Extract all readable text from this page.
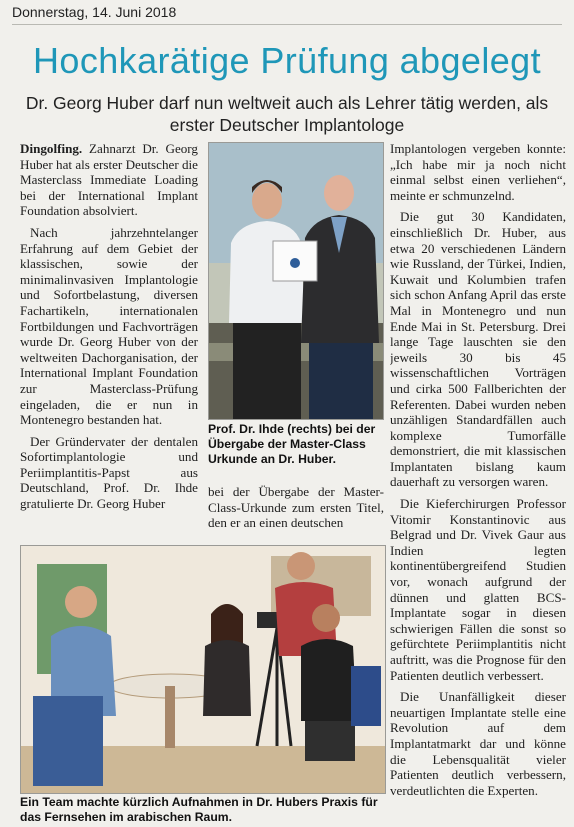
Donnerstag, 14. Juni 2018
Hochkarätige Prüfung abgelegt
Dr. Georg Huber darf nun weltweit auch als Lehrer tätig werden, als erster Deutscher Implantologe

Dingolfing. Zahnarzt Dr. Georg Huber hat als erster Deutscher die Masterclass Immediate Loading bei der International Implant Foundation absolviert.

Nach jahrzehntelanger Erfahrung auf dem Gebiet der klassischen, sowie der minimalinvasiven Implantologie und Sofortbelastung, diversen Fachartikeln, internationalen Fortbildungen und Fachvorträgen wurde Dr. Georg Huber von der weltweiten Dachorganisation, der International Implant Foundation zur Masterclass-Prüfung eingeladen, die er nun in Montenegro bestanden hat.

Der Gründervater der dentalen Sofortimplantologie und Periimplantitis-Papst aus Deutschland, Prof. Dr. Ihde gratulierte Dr. Georg Huber

Prof. Dr. Ihde (rechts) bei der Übergabe der Master-Class Urkunde an Dr. Huber.

bei der Übergabe der Master-Class-Urkunde zum ersten Titel, den er an einen deutschen

Implantologen vergeben konnte: „Ich habe mir ja noch nicht einmal selbst einen verliehen“, meinte er schmunzelnd.

Die gut 30 Kandidaten, einschließlich Dr. Huber, aus etwa 20 verschiedenen Ländern wie Russland, der Türkei, Indien, Kuwait und Kolumbien trafen sich schon Anfang April das erste Mal in Montenegro und nun Ende Mai in St. Petersburg. Drei lange Tage lauschten sie den jeweils 30 bis 45 wissenschaftlichen Vorträgen und cirka 500 Fallberichten der Referenten. Dabei wurden neben unzähligen Standardfällen auch komplexe Tumorfälle demonstriert, die mit klassischen Implantaten bislang kaum dauerhaft zu versorgen waren.

Die Kieferchirurgen Professor Vitomir Konstantinovic aus Belgrad und Dr. Vivek Gaur aus Indien legten kontinentübergreifend Studien vor, wonach aufgrund der dünnen und glatten BCS-Implantate sogar in diesen schwierigen Fällen die sonst so gefürchtete Periimplantitis nicht auftritt, was die Prognose für den Patienten deutlich verbessert.

Die Unanfälligkeit dieser neuartigen Implantate stelle eine Revolution auf dem Implantatmarkt dar und könne die Lebensqualität vieler Patienten deutlich verbessern, verdeutlichten die Experten.

Ein Team machte kürzlich Aufnahmen in Dr. Hubers Praxis für das Fernsehen im arabischen Raum.
